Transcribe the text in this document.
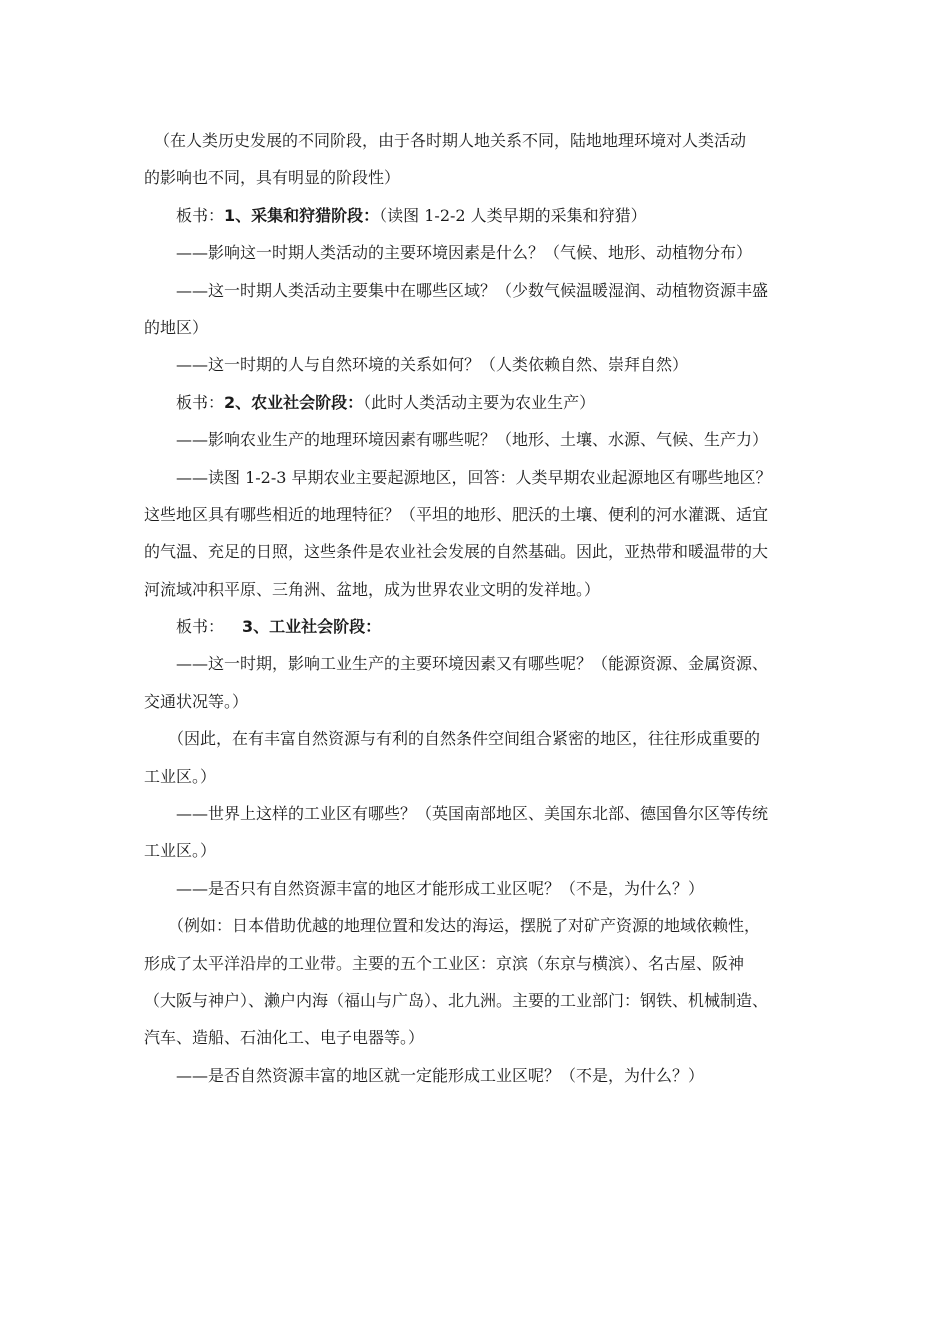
（在人类历史发展的不同阶段，由于各时期人地关系不同，陆地地理环境对人类活动
的影响也不同，具有明显的阶段性）
板书：1、采集和狩猎阶段：（读图 1-2-2 人类早期的采集和狩猎）
——影响这一时期人类活动的主要环境因素是什么？（气候、地形、动植物分布）
——这一时期人类活动主要集中在哪些区域？（少数气候温暖湿润、动植物资源丰盛
的地区）
——这一时期的人与自然环境的关系如何？（人类依赖自然、崇拜自然）
板书：2、农业社会阶段：（此时人类活动主要为农业生产）
——影响农业生产的地理环境因素有哪些呢？（地形、土壤、水源、气候、生产力）
——读图 1-2-3 早期农业主要起源地区，回答：人类早期农业起源地区有哪些地区？
这些地区具有哪些相近的地理特征？（平坦的地形、肥沃的土壤、便利的河水灌溉、适宜
的气温、充足的日照，这些条件是农业社会发展的自然基础。因此，亚热带和暖温带的大
河流域冲积平原、三角洲、盆地，成为世界农业文明的发祥地。）
板书： 3、工业社会阶段：
——这一时期，影响工业生产的主要环境因素又有哪些呢？（能源资源、金属资源、
交通状况等。）
（因此，在有丰富自然资源与有利的自然条件空间组合紧密的地区，往往形成重要的
工业区。）
——世界上这样的工业区有哪些？（英国南部地区、美国东北部、德国鲁尔区等传统
工业区。）
——是否只有自然资源丰富的地区才能形成工业区呢？（不是，为什么？）
（例如：日本借助优越的地理位置和发达的海运，摆脱了对矿产资源的地域依赖性，
形成了太平洋沿岸的工业带。主要的五个工业区：京滨（东京与横滨）、名古屋、阪神
（大阪与神户）、濑户内海（福山与广岛）、北九洲。主要的工业部门：钢铁、机械制造、
汽车、造船、石油化工、电子电器等。）
——是否自然资源丰富的地区就一定能形成工业区呢？（不是，为什么？）
